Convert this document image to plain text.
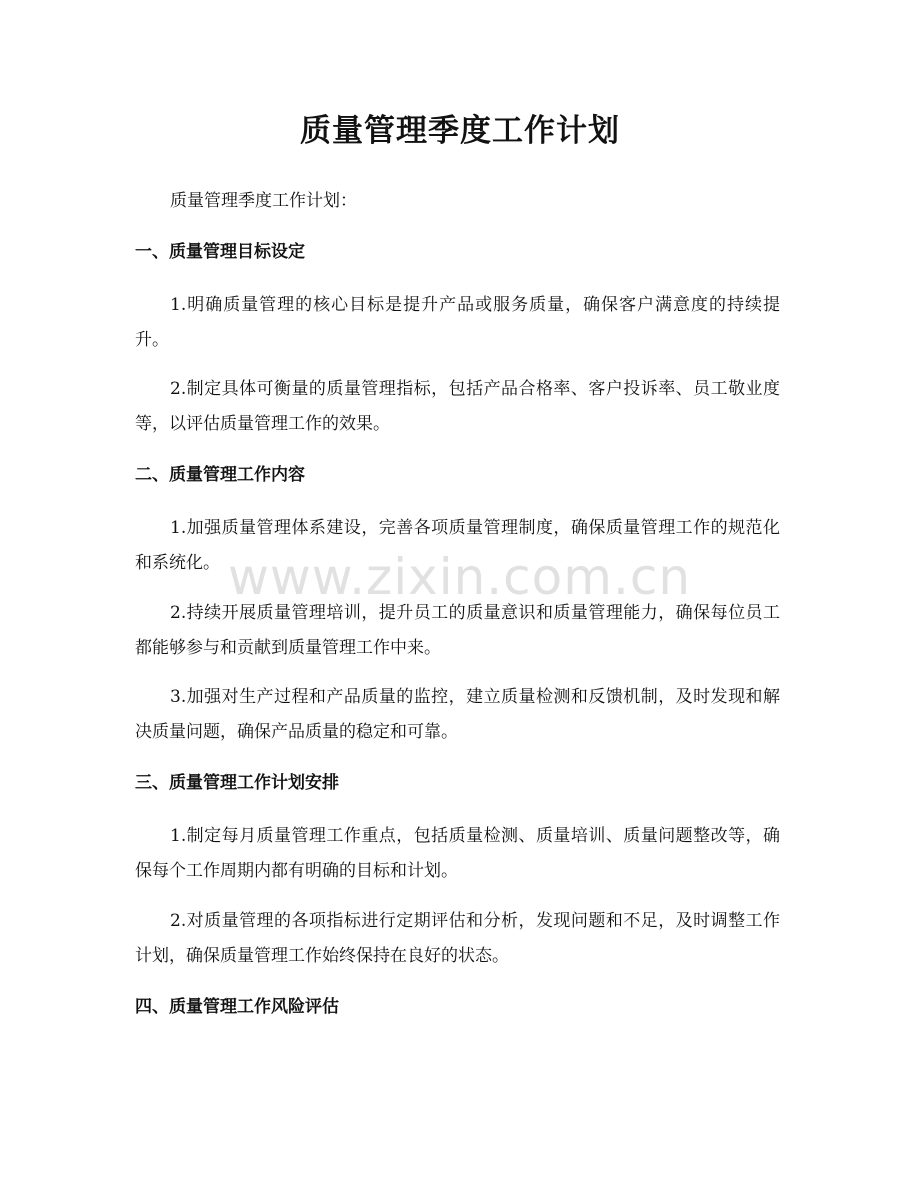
质量管理季度工作计划
质量管理季度工作计划：
一、质量管理目标设定

1.明确质量管理的核心目标是提升产品或服务质量，确保客户满意度的持续提升。

2.制定具体可衡量的质量管理指标，包括产品合格率、客户投诉率、员工敬业度等，以评估质量管理工作的效果。

二、质量管理工作内容

1.加强质量管理体系建设，完善各项质量管理制度，确保质量管理工作的规范化和系统化。

2.持续开展质量管理培训，提升员工的质量意识和质量管理能力，确保每位员工都能够参与和贡献到质量管理工作中来。

3.加强对生产过程和产品质量的监控，建立质量检测和反馈机制，及时发现和解决质量问题，确保产品质量的稳定和可靠。

三、质量管理工作计划安排

1.制定每月质量管理工作重点，包括质量检测、质量培训、质量问题整改等，确保每个工作周期内都有明确的目标和计划。

2.对质量管理的各项指标进行定期评估和分析，发现问题和不足，及时调整工作计划，确保质量管理工作始终保持在良好的状态。

四、质量管理工作风险评估
www.zixin.com.cn
